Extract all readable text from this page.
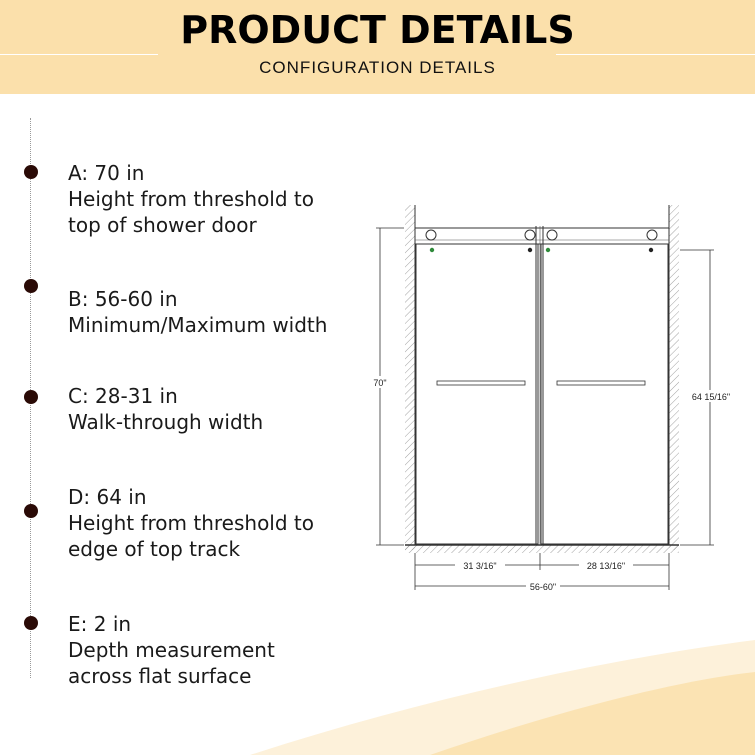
PRODUCT DETAILS
CONFIGURATION DETAILS
A: 70 in
Height from threshold to
top of shower door
B: 56-60 in
Minimum/Maximum width
C: 28-31 in
Walk-through width
D: 64 in
Height from threshold to
edge of top track
E: 2 in
Depth measurement
across flat surface
70"
64 15/16"
31 3/16"	28 13/16"
56-60"
